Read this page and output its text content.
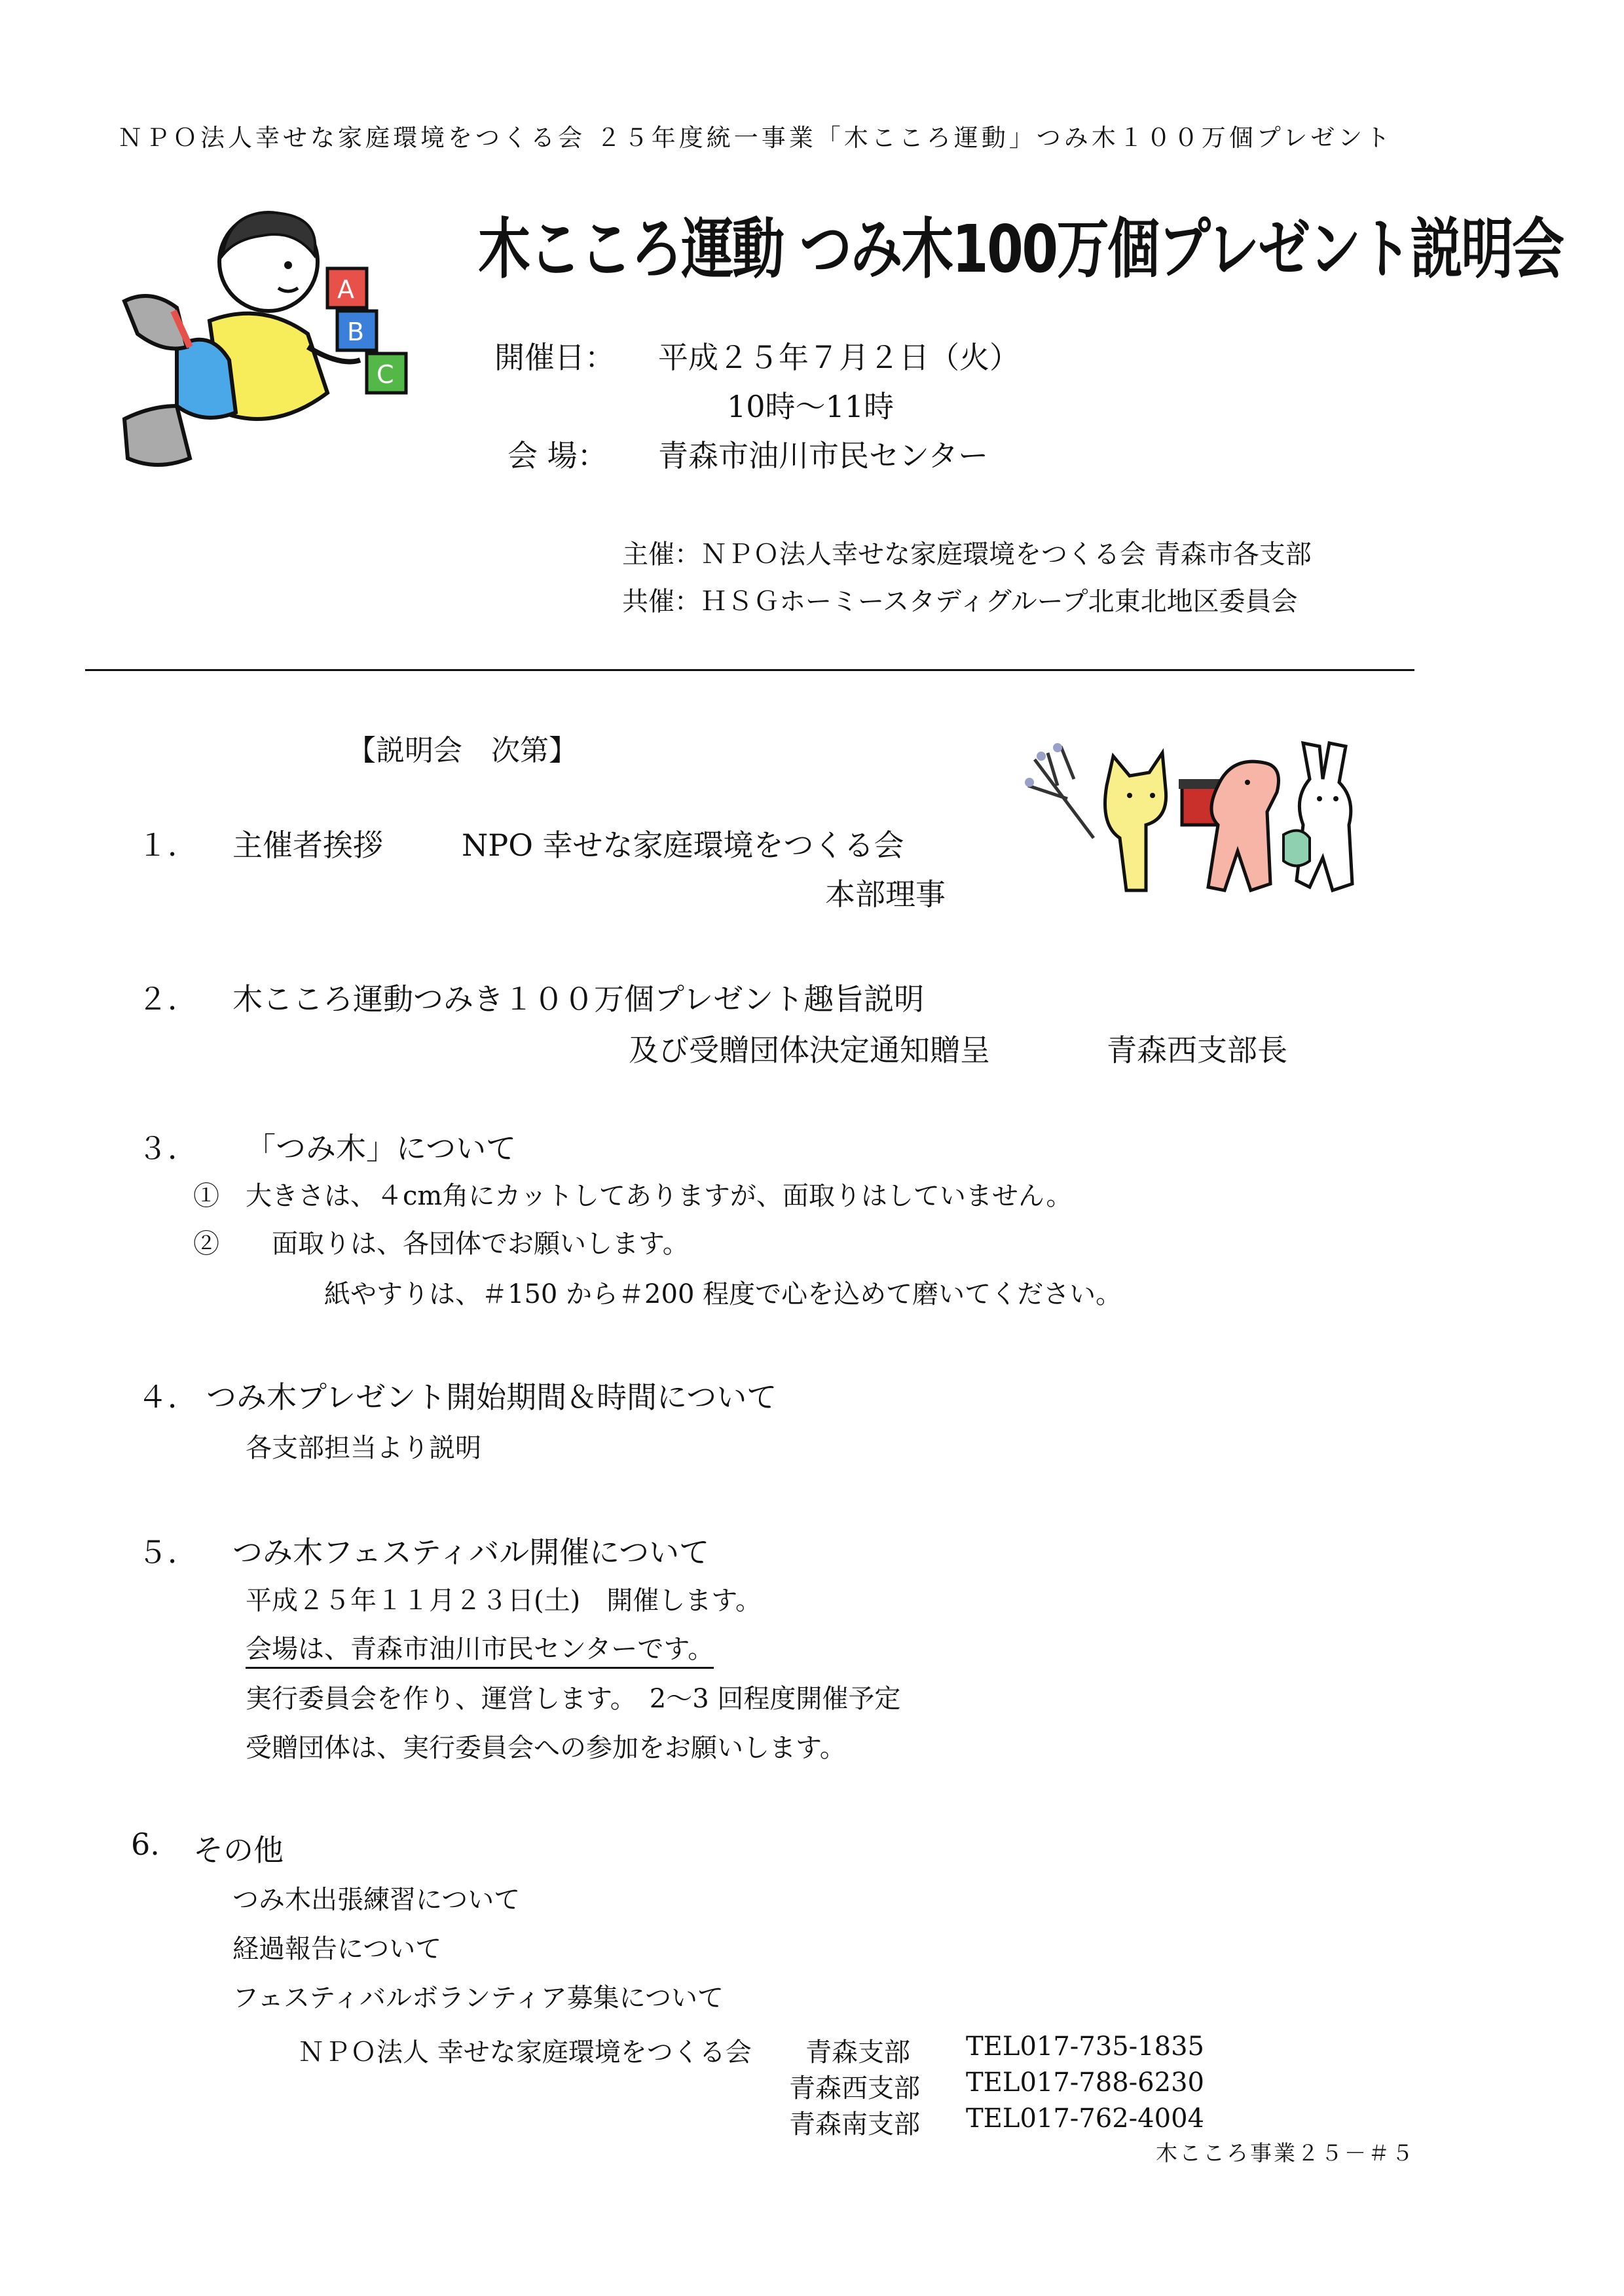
ＮＰＯ法人幸せな家庭環境をつくる会 ２５年度統一事業「木こころ運動」つみ木１００万個プレゼント
A
B
C
木こころ運動 つみ木100万個プレゼント説明会
開催日： 平成２５年７月２日（火）
10時～11時
会 場： 青森市油川市民センター
主催：ＮＰＯ法人幸せな家庭環境をつくる会 青森市各支部
共催：ＨＳＧホーミースタディグループ北東北地区委員会
【説明会　次第】
１． 主催者挨拶	NPO 幸せな家庭環境をつくる会
本部理事
２． 木こころ運動つみき１００万個プレゼント趣旨説明
及び受贈団体決定通知贈呈	青森西支部長
３． 「つみ木」について
①　大きさは、４cm角にカットしてありますが、面取りはしていません。
②　　面取りは、各団体でお願いします。
紙やすりは、＃150 から＃200 程度で心を込めて磨いてください。
４． つみ木プレゼント開始期間＆時間について
各支部担当より説明
５． つみ木フェスティバル開催について
平成２５年１１月２３日(土)　開催します。
会場は、青森市油川市民センターです。
実行委員会を作り、運営します。　2～3 回程度開催予定
受贈団体は、実行委員会への参加をお願いします。
6. その他
つみ木出張練習について
経過報告について
フェスティバルボランティア募集について
ＮＰＯ法人 幸せな家庭環境をつくる会 青森支部 TEL017-735-1835
青森西支部 TEL017-788-6230
青森南支部 TEL017-762-4004
木こころ事業２５－＃５
